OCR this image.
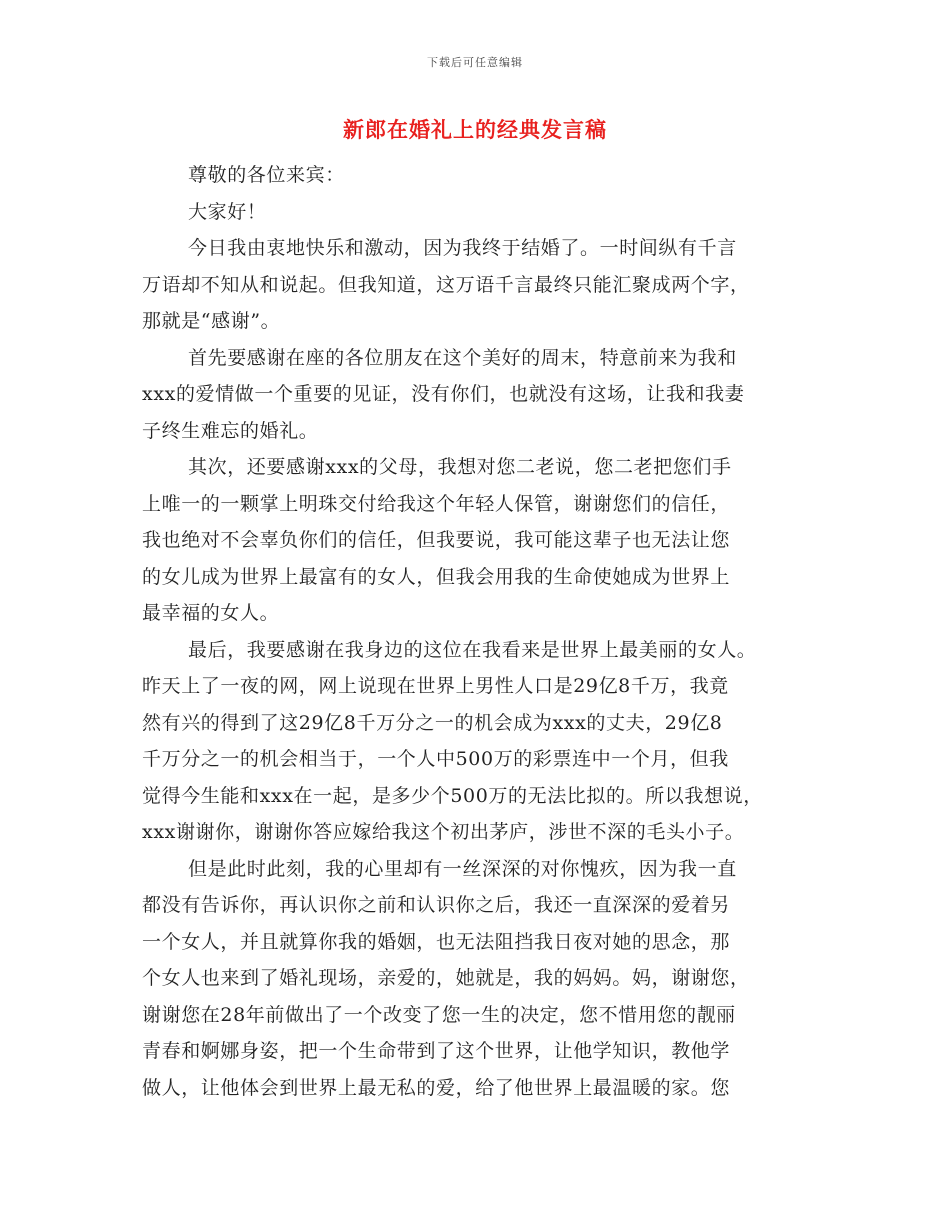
下载后可任意编辑
新郎在婚礼上的经典发言稿
尊敬的各位来宾：
大家好！
今日我由衷地快乐和激动，因为我终于结婚了。一时间纵有千言
万语却不知从和说起。但我知道，这万语千言最终只能汇聚成两个字，
那就是“感谢”。
首先要感谢在座的各位朋友在这个美好的周末，特意前来为我和
xxx的爱情做一个重要的见证，没有你们，也就没有这场，让我和我妻
子终生难忘的婚礼。
其次，还要感谢xxx的父母，我想对您二老说，您二老把您们手
上唯一的一颗掌上明珠交付给我这个年轻人保管，谢谢您们的信任，
我也绝对不会辜负你们的信任，但我要说，我可能这辈子也无法让您
的女儿成为世界上最富有的女人，但我会用我的生命使她成为世界上
最幸福的女人。
最后，我要感谢在我身边的这位在我看来是世界上最美丽的女人。
昨天上了一夜的网，网上说现在世界上男性人口是29亿8千万，我竟
然有兴的得到了这29亿8千万分之一的机会成为xxx的丈夫，29亿8
千万分之一的机会相当于，一个人中500万的彩票连中一个月，但我
觉得今生能和xxx在一起，是多少个500万的无法比拟的。所以我想说，
xxx谢谢你，谢谢你答应嫁给我这个初出茅庐，涉世不深的毛头小子。
但是此时此刻，我的心里却有一丝深深的对你愧疚，因为我一直
都没有告诉你，再认识你之前和认识你之后，我还一直深深的爱着另
一个女人，并且就算你我的婚姻，也无法阻挡我日夜对她的思念，那
个女人也来到了婚礼现场，亲爱的，她就是，我的妈妈。妈，谢谢您，
谢谢您在28年前做出了一个改变了您一生的决定，您不惜用您的靓丽
青春和婀娜身姿，把一个生命带到了这个世界，让他学知识，教他学
做人，让他体会到世界上最无私的爱，给了他世界上最温暖的家。您
